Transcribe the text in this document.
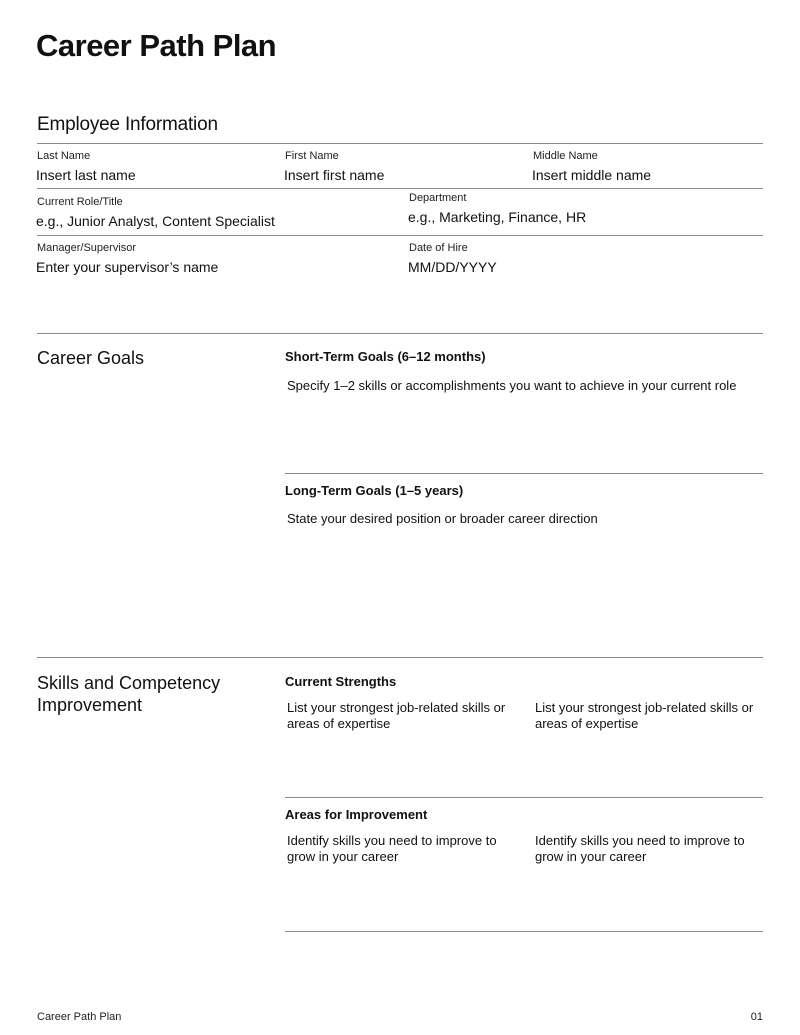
Career Path Plan
Employee Information
Last Name
Insert last name
First Name
Insert first name
Middle Name
Insert middle name
Current Role/Title
e.g., Junior Analyst, Content Specialist
Department
e.g., Marketing, Finance, HR
Manager/Supervisor
Enter your supervisor’s name
Date of Hire
MM/DD/YYYY
Career Goals	Short-Term Goals (6–12 months)
Specify 1–2 skills or accomplishments you want to achieve in your current role
Long-Term Goals (1–5 years)
State your desired position or broader career direction
Skills and Competency Improvement
Current Strengths
List your strongest job-related skills or areas of expertise
List your strongest job-related skills or areas of expertise
Areas for Improvement
Identify skills you need to improve to grow in your career
Identify skills you need to improve to grow in your career
Career Path Plan	01
